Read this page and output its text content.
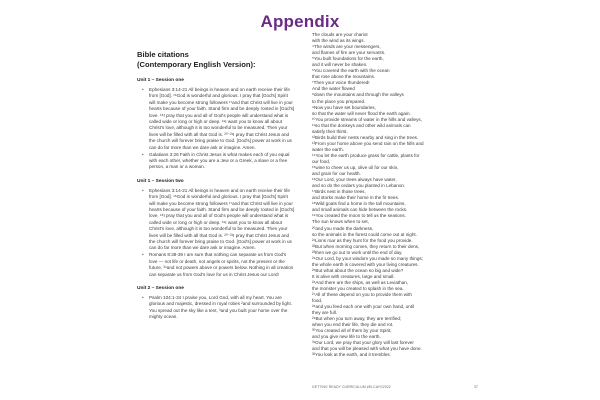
Appendix
Bible citations
(Contemporary English Version):
Unit 1 – Session one
• Ephesians 3:14-21 All beings in heaven and on earth receive their life from [God]. ¹⁶God is wonderful and glorious. I pray that [God's] Spirit will make you become strong followers ¹⁷and that Christ will live in your hearts because of your faith. Stand firm and be deeply rooted in [God's] love. ¹⁸I pray that you and all of God's people will understand what is called wide or long or high or deep. ¹⁹I want you to know all about Christ's love, although it is too wonderful to be measured. Then your lives will be filled with all that God is. ²⁰⁻²¹I pray that Christ Jesus and the church will forever bring praise to God. [God's] power at work in us can do far more than we dare ask or imagine. Amen.
• Galatians 3:26 Faith in Christ Jesus is what makes each of you equal with each other, whether you are a Jew or a Greek, a slave or a free person, a man or a woman.
Unit 1 – Session two
• Ephesians 3:14-21 All beings in heaven and on earth receive their life from [God]. ¹⁶God is wonderful and glorious. I pray that [God's] Spirit will make you become strong followers ¹⁷and that Christ will live in your hearts because of your faith. Stand firm and be deeply rooted in [God's] love. ¹⁸I pray that you and all of God's people will understand what is called wide or long or high or deep. ¹⁹I want you to know all about Christ's love, although it is too wonderful to be measured. Then your lives will be filled with all that God is. ²⁰⁻²¹I pray that Christ Jesus and the church will forever bring praise to God. [God's] power at work in us can do far more than we dare ask or imagine. Amen.
• Romans 8:38-39 I am sure that nothing can separate us from God's love — not life or death, not angels or spirits, not the present or the future, ³⁹and not powers above or powers below. Nothing in all creation can separate us from God's love for us in Christ Jesus our Lord!
Unit 2 – Session one
• Psalm 104:1-34 I praise you, Lord God, with all my heart. You are glorious and majestic, dressed in royal robes ²and surrounded by light. You spread out the sky like a tent, ³and you built your home over the mighty ocean.
The clouds are your chariot
with the wind as its wings.
⁴The winds are your messengers,
and flames of fire are your servants.
⁵You built foundations for the earth,
and it will never be shaken.
⁶You covered the earth with the ocean
that rose above the mountains.
⁷Then your voice thundered!
And the water flowed
⁸down the mountains and through the valleys
to the place you prepared.
⁹Now you have set boundaries,
so that the water will never flood the earth again.
¹⁰You provide streams of water in the hills and valleys,
¹¹so that the donkeys and other wild animals can
satisfy their thirst.
¹²Birds build their nests nearby and sing in the trees.
¹³From your home above you send rain on the hills and
water the earth.
¹⁴You let the earth produce grass for cattle, plants for
our food,
¹⁵wine to cheer us up, olive oil for our skin,
and grain for our health.
¹⁶Our Lord, your trees always have water,
and so do the cedars you planted in Lebanon.
¹⁷Birds nest in those trees,
and storks make their home in the fir trees.
¹⁸Wild goats find a home in the tall mountains,
and small animals can hide between the rocks.
¹⁹You created the moon to tell us the seasons.
The sun knows when to set,
²⁰and you made the darkness,
so the animals in the forest could come out at night.
²¹Lions roar as they hunt for the food you provide.
²²But when morning comes, they return to their dens,
²³then we go out to work until the end of day.
²⁴Our Lord, by your wisdom you made so many things;
the whole earth is covered with your living creatures.
²⁵But what about the ocean so big and wide?
It is alive with creatures, large and small.
²⁶And there are the ships, as well as Leviathan,
the monster you created to splash in the sea.
²⁷All of these depend on you to provide them with
food,
²⁸and you feed each one with your own hand, until
they are full.
²⁹But when you turn away, they are terrified;
when you end their life, they die and rot.
³⁰You created all of them by your Spirit,
and you give new life to the earth.
³¹Our Lord, we pray that your glory will last forever
and that you will be pleased with what you have done.
³²You look at the earth, and it trembles.
GETTING READY CURRICULUM #ELCAYG2022	37
